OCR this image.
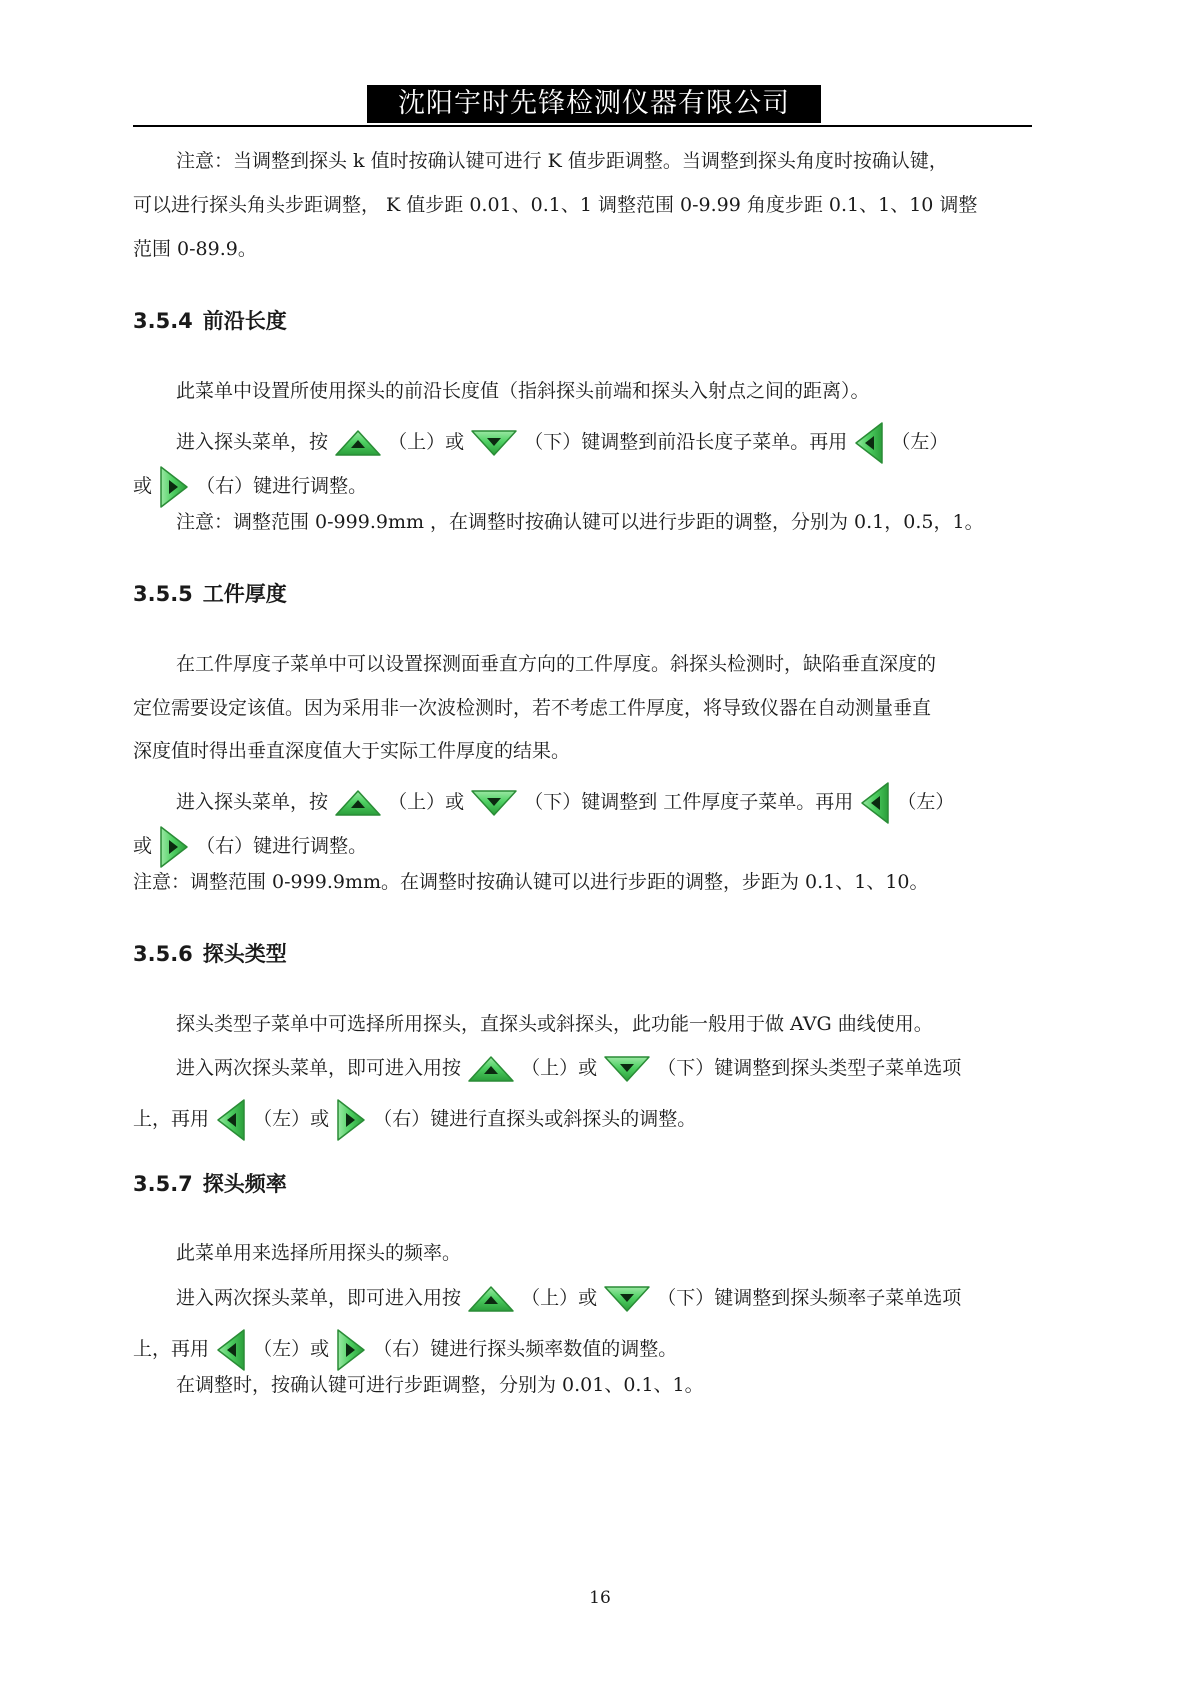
沈阳宇时先锋检测仪器有限公司
注意：当调整到探头 k 值时按确认键可进行 K 值步距调整。当调整到探头角度时按确认键，
可以进行探头角头步距调整， K 值步距 0.01、0.1、1 调整范围 0-9.99 角度步距 0.1、1、10 调整
范围 0-89.9。
3.5.4 前沿长度
此菜单中设置所使用探头的前沿长度值（指斜探头前端和探头入射点之间的距离）。
进入探头菜单，按	（上）或	（下）键调整到前沿长度子菜单。再用 （左）
或 （右）键进行调整。
注意：调整范围 0-999.9mm ，在调整时按确认键可以进行步距的调整，分别为 0.1，0.5，1。
3.5.5 工件厚度
在工件厚度子菜单中可以设置探测面垂直方向的工件厚度。斜探头检测时，缺陷垂直深度的
定位需要设定该值。因为采用非一次波检测时，若不考虑工件厚度，将导致仪器在自动测量垂直
深度值时得出垂直深度值大于实际工件厚度的结果。
进入探头菜单，按	（上）或	（下）键调整到 工件厚度子菜单。再用 （左）
或 （右）键进行调整。
注意：调整范围 0-999.9mm。在调整时按确认键可以进行步距的调整，步距为 0.1、1、10。
3.5.6 探头类型
探头类型子菜单中可选择所用探头，直探头或斜探头，此功能一般用于做 AVG 曲线使用。
进入两次探头菜单，即可进入用按	（上）或	（下）键调整到探头类型子菜单选项
上，再用 （左）或 （右）键进行直探头或斜探头的调整。
3.5.7 探头频率
此菜单用来选择所用探头的频率。
进入两次探头菜单，即可进入用按	（上）或	（下）键调整到探头频率子菜单选项
上，再用 （左）或 （右）键进行探头频率数值的调整。
在调整时，按确认键可进行步距调整，分别为 0.01、0.1、1。
16
